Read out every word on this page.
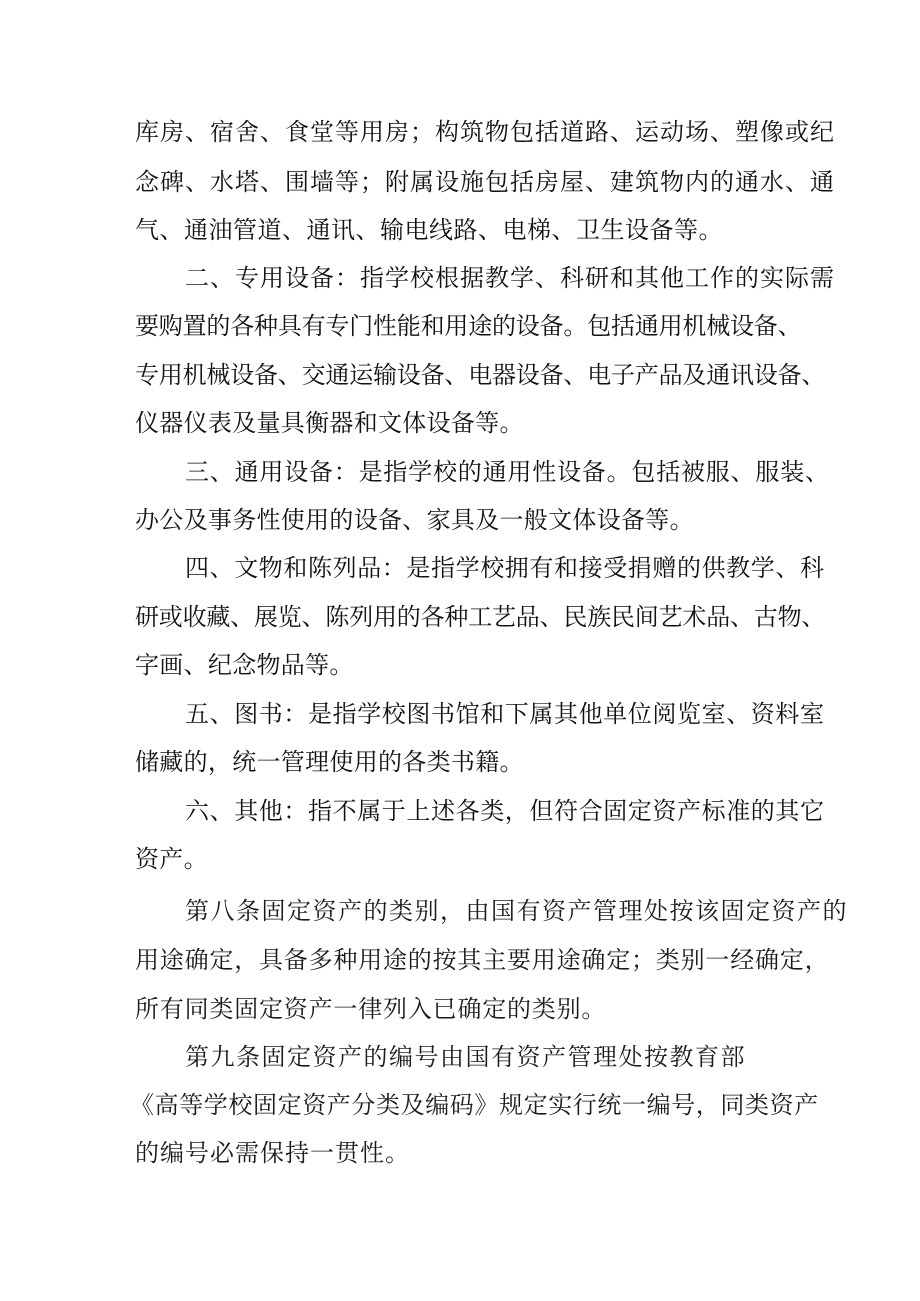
库房、宿舍、食堂等用房；构筑物包括道路、运动场、塑像或纪
念碑、水塔、围墙等；附属设施包括房屋、建筑物内的通水、通
气、通油管道、通讯、输电线路、电梯、卫生设备等。
二、专用设备：指学校根据教学、科研和其他工作的实际需
要购置的各种具有专门性能和用途的设备。包括通用机械设备、
专用机械设备、交通运输设备、电器设备、电子产品及通讯设备、
仪器仪表及量具衡器和文体设备等。
三、通用设备：是指学校的通用性设备。包括被服、服装、
办公及事务性使用的设备、家具及一般文体设备等。
四、文物和陈列品：是指学校拥有和接受捐赠的供教学、科
研或收藏、展览、陈列用的各种工艺品、民族民间艺术品、古物、
字画、纪念物品等。
五、图书：是指学校图书馆和下属其他单位阅览室、资料室
储藏的，统一管理使用的各类书籍。
六、其他：指不属于上述各类，但符合固定资产标准的其它
资产。
第八条固定资产的类别，由国有资产管理处按该固定资产的
用途确定，具备多种用途的按其主要用途确定；类别一经确定，
所有同类固定资产一律列入已确定的类别。
第九条固定资产的编号由国有资产管理处按教育部
《高等学校固定资产分类及编码》规定实行统一编号，同类资产
的编号必需保持一贯性。
